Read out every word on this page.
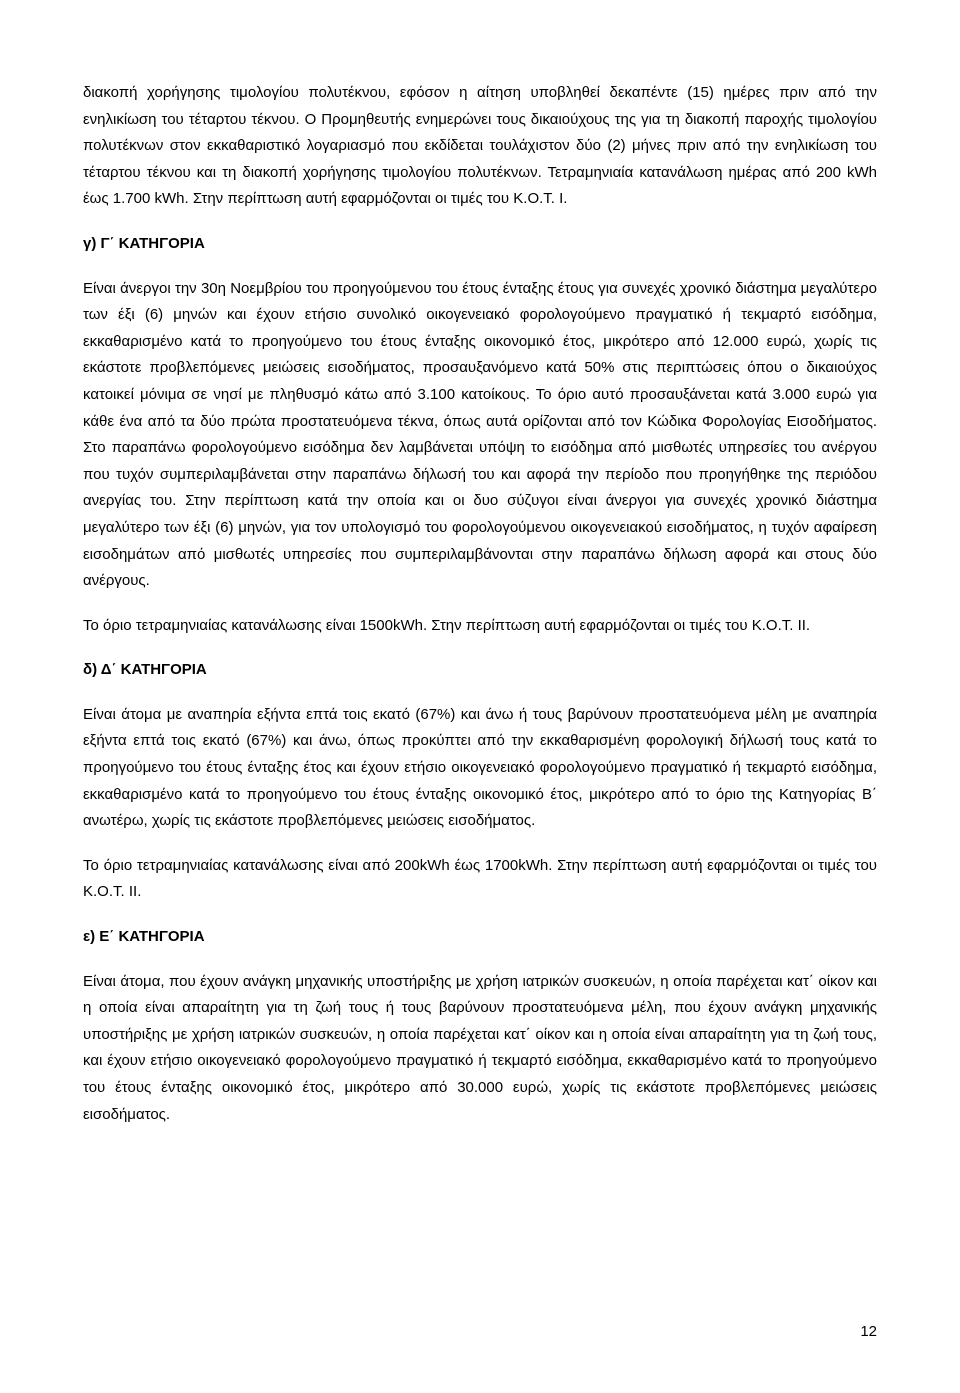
διακοπή χορήγησης τιμολογίου πολυτέκνου, εφόσον η αίτηση υποβληθεί δεκαπέντε (15) ημέρες πριν από την ενηλικίωση του τέταρτου τέκνου. Ο Προμηθευτής ενημερώνει τους δικαιούχους της για τη διακοπή παροχής τιμολογίου πολυτέκνων στον εκκαθαριστικό λογαριασμό που εκδίδεται τουλάχιστον δύο (2) μήνες πριν από την ενηλικίωση του τέταρτου τέκνου και τη διακοπή χορήγησης τιμολογίου πολυτέκνων. Τετραμηνιαία κατανάλωση ημέρας από 200 kWh έως 1.700 kWh. Στην περίπτωση αυτή εφαρμόζονται οι τιμές του Κ.Ο.Τ. Ι.

γ) Γ΄ ΚΑΤΗΓΟΡΙΑ

Είναι άνεργοι την 30η Νοεμβρίου του προηγούμενου του έτους ένταξης έτους για συνεχές χρονικό διάστημα μεγαλύτερο των έξι (6) μηνών και έχουν ετήσιο συνολικό οικογενειακό φορολογούμενο πραγματικό ή τεκμαρτό εισόδημα, εκκαθαρισμένο κατά το προηγούμενο του έτους ένταξης οικονομικό έτος, μικρότερο από 12.000 ευρώ, χωρίς τις εκάστοτε προβλεπόμενες μειώσεις εισοδήματος, προσαυξανόμενο κατά 50% στις περιπτώσεις όπου ο δικαιούχος κατοικεί μόνιμα σε νησί με πληθυσμό κάτω από 3.100 κατοίκους. Το όριο αυτό προσαυξάνεται κατά 3.000 ευρώ για κάθε ένα από τα δύο πρώτα προστατευόμενα τέκνα, όπως αυτά ορίζονται από τον Κώδικα Φορολογίας Εισοδήματος. Στο παραπάνω φορολογούμενο εισόδημα δεν λαμβάνεται υπόψη το εισόδημα από μισθωτές υπηρεσίες του ανέργου που τυχόν συμπεριλαμβάνεται στην παραπάνω δήλωσή του και αφορά την περίοδο που προηγήθηκε της περιόδου ανεργίας του. Στην περίπτωση κατά την οποία και οι δυο σύζυγοι είναι άνεργοι για συνεχές χρονικό διάστημα μεγαλύτερο των έξι (6) μηνών, για τον υπολογισμό του φορολογούμενου οικογενειακού εισοδήματος, η τυχόν αφαίρεση εισοδημάτων από μισθωτές υπηρεσίες που συμπεριλαμβάνονται στην παραπάνω δήλωση αφορά και στους δύο ανέργους.

Το όριο τετραμηνιαίας κατανάλωσης είναι 1500kWh. Στην περίπτωση αυτή εφαρμόζονται οι τιμές του Κ.Ο.Τ. ΙΙ.

δ) Δ΄ ΚΑΤΗΓΟΡΙΑ

Είναι άτομα με αναπηρία εξήντα επτά τοις εκατό (67%) και άνω ή τους βαρύνουν προστατευόμενα μέλη με αναπηρία εξήντα επτά τοις εκατό (67%) και άνω, όπως προκύπτει από την εκκαθαρισμένη φορολογική δήλωσή τους κατά το προηγούμενο του έτους ένταξης έτος και έχουν ετήσιο οικογενειακό φορολογούμενο πραγματικό ή τεκμαρτό εισόδημα, εκκαθαρισμένο κατά το προηγούμενο του έτους ένταξης οικονομικό έτος, μικρότερο από το όριο της Κατηγορίας Β΄ ανωτέρω, χωρίς τις εκάστοτε προβλεπόμενες μειώσεις εισοδήματος.

Το όριο τετραμηνιαίας κατανάλωσης είναι από 200kWh έως 1700kWh. Στην περίπτωση αυτή εφαρμόζονται οι τιμές του Κ.Ο.Τ. ΙΙ.

ε) Ε΄ ΚΑΤΗΓΟΡΙΑ

Είναι άτομα, που έχουν ανάγκη μηχανικής υποστήριξης με χρήση ιατρικών συσκευών, η οποία παρέχεται κατ΄ οίκον και η οποία είναι απαραίτητη για τη ζωή τους ή τους βαρύνουν προστατευόμενα μέλη, που έχουν ανάγκη μηχανικής υποστήριξης με χρήση ιατρικών συσκευών, η οποία παρέχεται κατ΄ οίκον και η οποία είναι απαραίτητη για τη ζωή τους, και έχουν ετήσιο οικογενειακό φορολογούμενο πραγματικό ή τεκμαρτό εισόδημα, εκκαθαρισμένο κατά το προηγούμενο του έτους ένταξης οικονομικό έτος, μικρότερο από 30.000 ευρώ, χωρίς τις εκάστοτε προβλεπόμενες μειώσεις εισοδήματος.

12
